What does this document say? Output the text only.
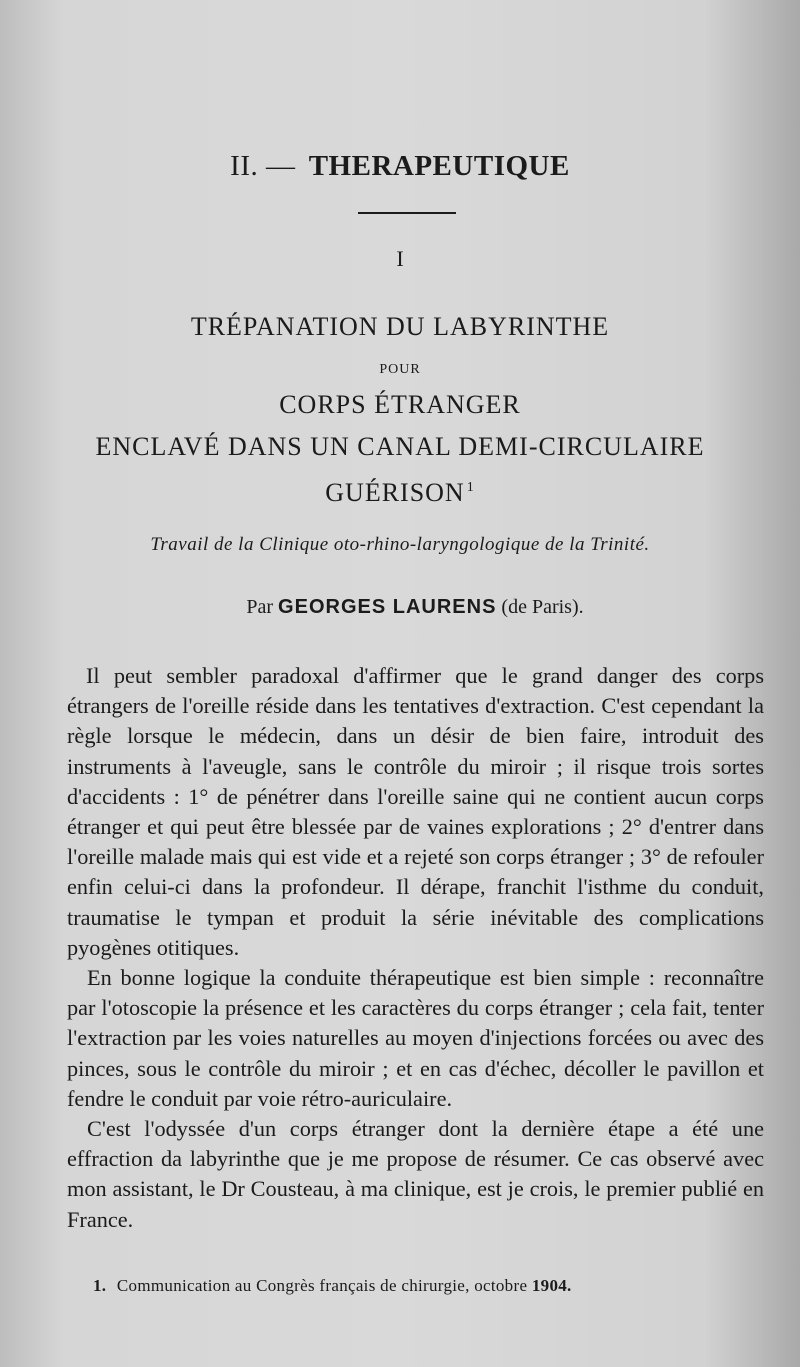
II. — THERAPEUTIQUE
I
TRÉPANATION DU LABYRINTHE
POUR
CORPS ÉTRANGER
ENCLAVÉ DANS UN CANAL DEMI-CIRCULAIRE
GUÉRISON $^1$
Travail de la Clinique oto-rhino-laryngologique de la Trinité.
Par GEORGES LAURENS (de Paris).

Il peut sembler paradoxal d'affirmer que le grand danger des corps étrangers de l'oreille réside dans les tentatives d'extraction. C'est cependant la règle lorsque le médecin, dans un désir de bien faire, introduit des instruments à l'aveugle, sans le contrôle du miroir ; il risque trois sortes d'accidents : 1° de pénétrer dans l'oreille saine qui ne contient aucun corps étranger et qui peut être blessée par de vaines explorations ; 2° d'entrer dans l'oreille malade mais qui est vide et a rejeté son corps étranger ; 3° de refouler enfin celui-ci dans la profondeur. Il dérape, franchit l'isthme du conduit, traumatise le tympan et produit la série inévitable des complications pyogènes otitiques.

En bonne logique la conduite thérapeutique est bien simple : reconnaître par l'otoscopie la présence et les caractères du corps étranger ; cela fait, tenter l'extraction par les voies naturelles au moyen d'injections forcées ou avec des pinces, sous le contrôle du miroir ; et en cas d'échec, décoller le pavillon et fendre le conduit par voie rétro-auriculaire.

C'est l'odyssée d'un corps étranger dont la dernière étape a été une effraction da labyrinthe que je me propose de résumer. Ce cas observé avec mon assistant, le Dr Cousteau, à ma clinique, est je crois, le premier publié en France.

1. Communication au Congrès français de chirurgie, octobre 1904.
